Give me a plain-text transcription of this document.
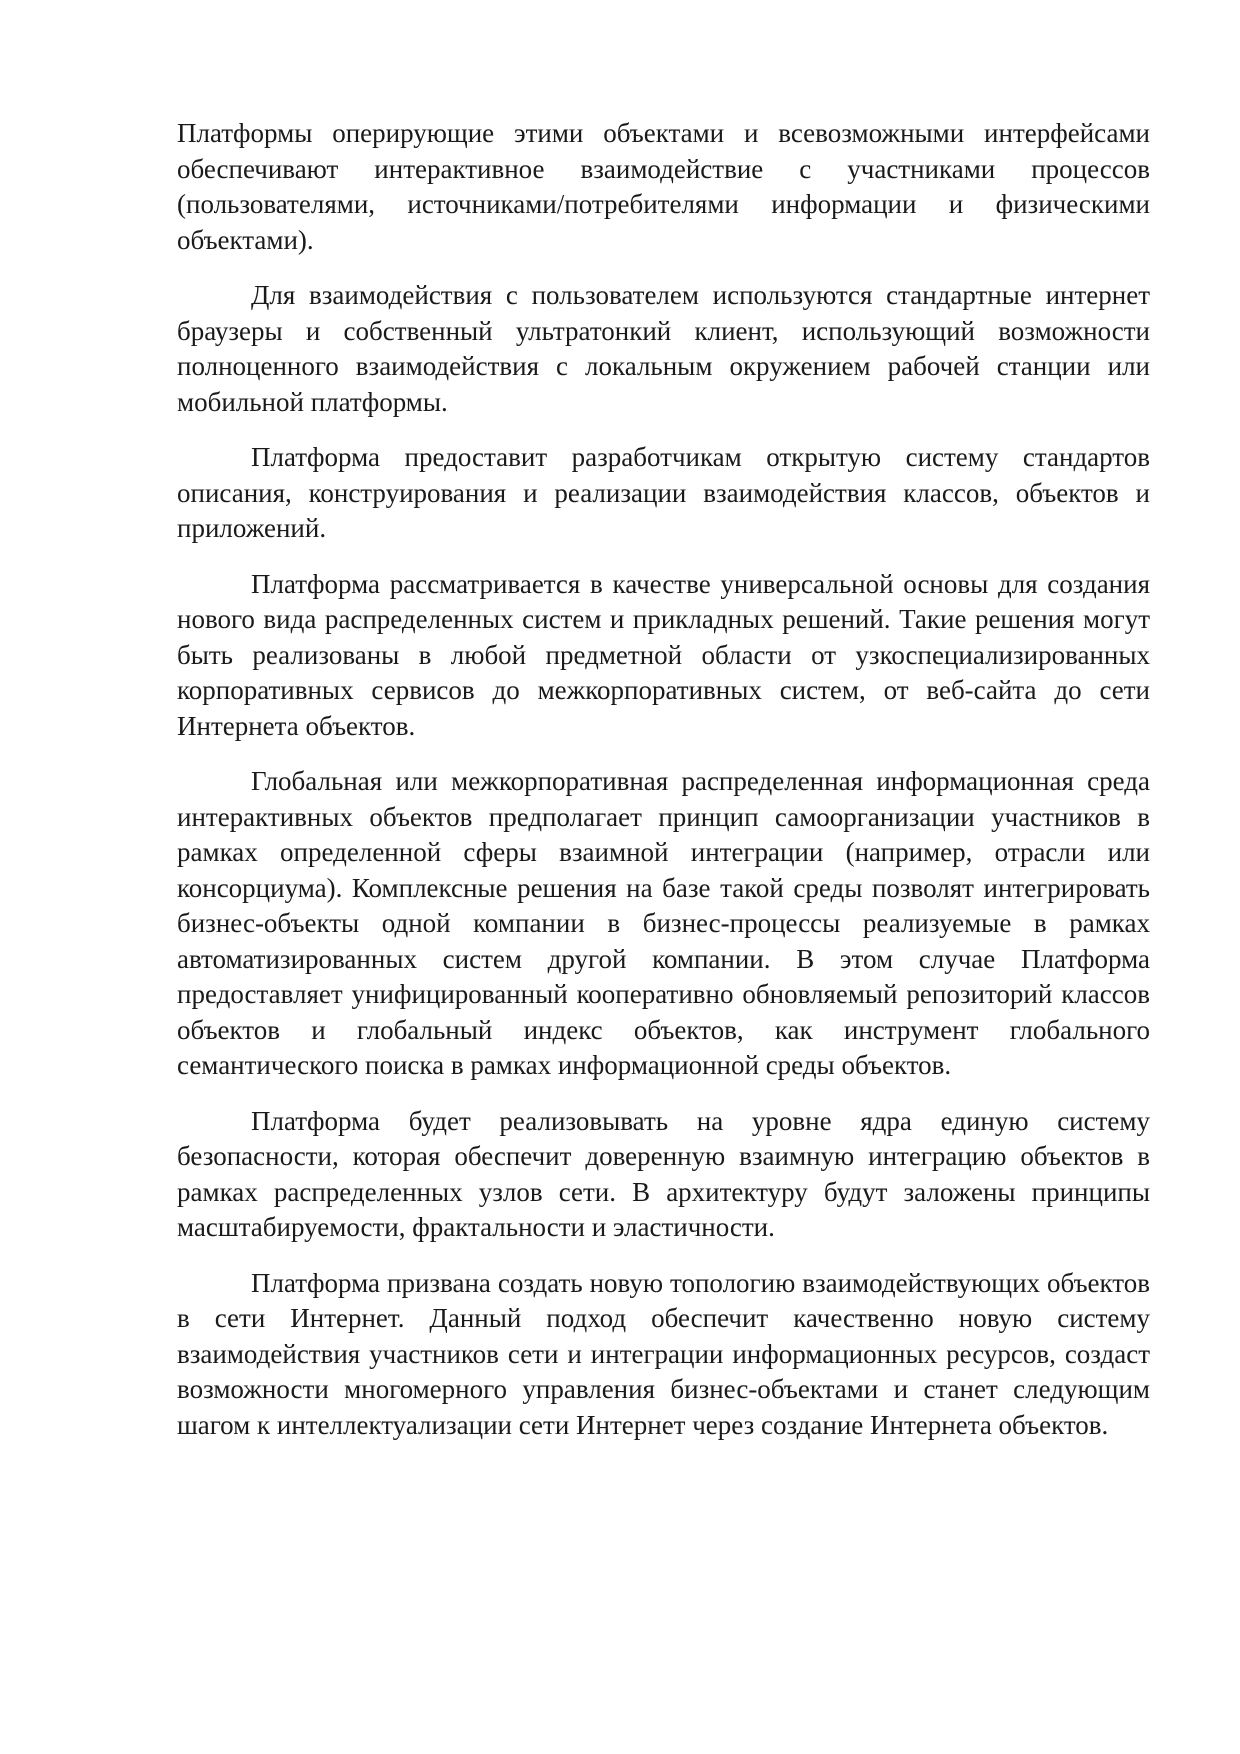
Платформы оперирующие этими объектами и всевозможными интерфейсами обеспечивают интерактивное взаимодействие с участниками процессов (пользователями, источниками/потребителями информации и физическими объектами).

Для взаимодействия с пользователем используются стандартные интернет браузеры и собственный ультратонкий клиент, использующий возможности полноценного взаимодействия с локальным окружением рабочей станции или мобильной платформы.

Платформа предоставит разработчикам открытую систему стандартов описания, конструирования и реализации взаимодействия классов, объектов и приложений.

Платформа рассматривается в качестве универсальной основы для создания нового вида распределенных систем и прикладных решений. Такие решения могут быть реализованы в любой предметной области от узкоспециализированных корпоративных сервисов до межкорпоративных систем, от веб-сайта до сети Интернета объектов.

Глобальная или межкорпоративная распределенная информационная среда интерактивных объектов предполагает принцип самоорганизации участников в рамках определенной сферы взаимной интеграции (например, отрасли или консорциума). Комплексные решения на базе такой среды позволят интегрировать бизнес-объекты одной компании в бизнес-процессы реализуемые в рамках автоматизированных систем другой компании. В этом случае Платформа предоставляет унифицированный кооперативно обновляемый репозиторий классов объектов и глобальный индекс объектов, как инструмент глобального семантического поиска в рамках информационной среды объектов.

Платформа будет реализовывать на уровне ядра единую систему безопасности, которая обеспечит доверенную взаимную интеграцию объектов в рамках распределенных узлов сети. В архитектуру будут заложены принципы масштабируемости, фрактальности и эластичности.

Платформа призвана создать новую топологию взаимодействующих объектов в сети Интернет. Данный подход обеспечит качественно новую систему взаимодействия участников сети и интеграции информационных ресурсов, создаст возможности многомерного управления бизнес-объектами и станет следующим шагом к интеллектуализации сети Интернет через создание Интернета объектов.
